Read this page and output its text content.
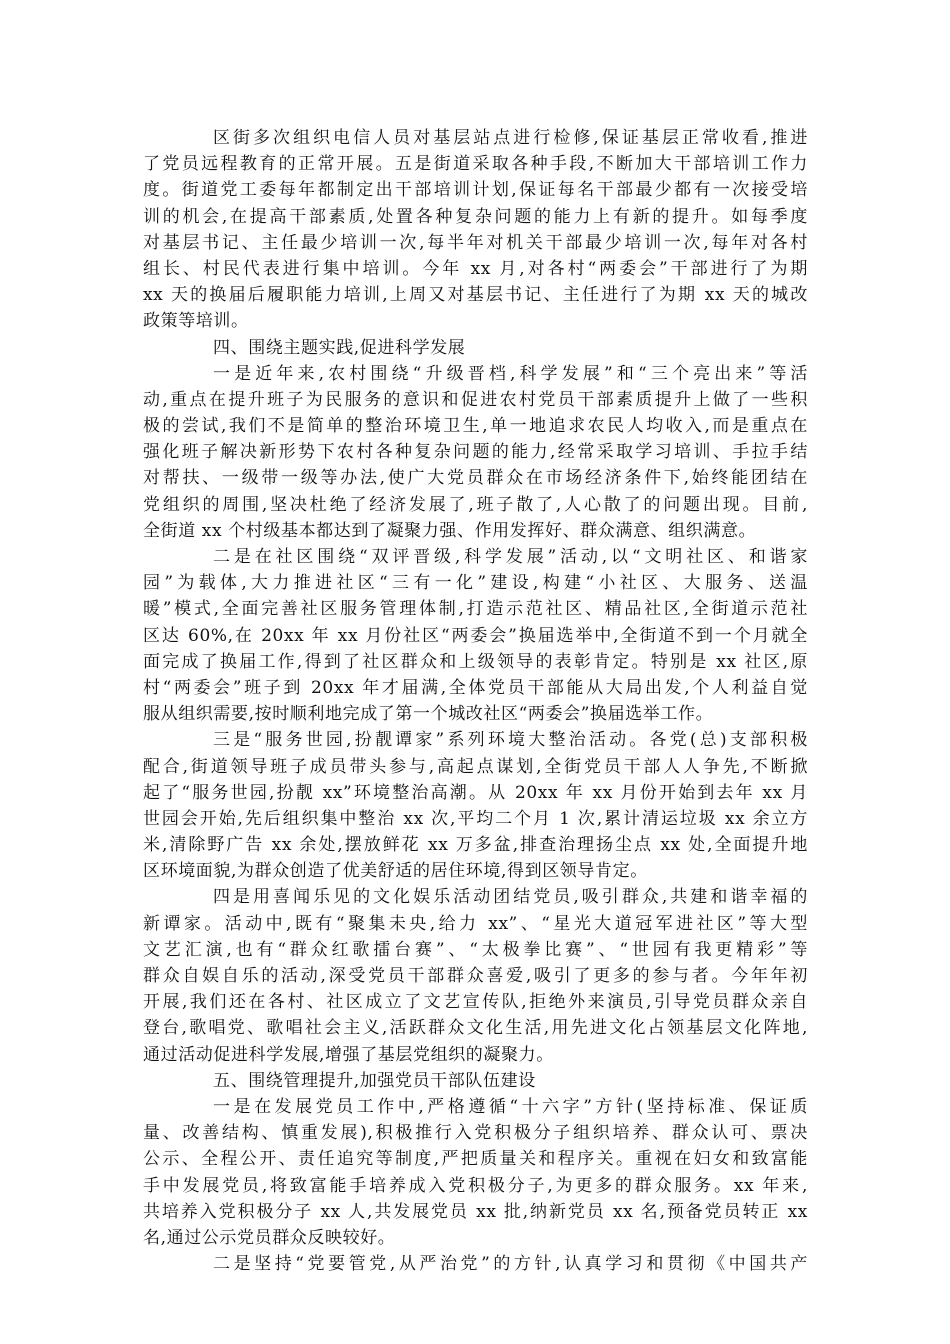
区街多次组织电信人员对基层站点进行检修,保证基层正常收看,推进
了党员远程教育的正常开展。五是街道采取各种手段,不断加大干部培训工作力
度。街道党工委每年都制定出干部培训计划,保证每名干部最少都有一次接受培
训的机会,在提高干部素质,处置各种复杂问题的能力上有新的提升。如每季度
对基层书记、主任最少培训一次,每半年对机关干部最少培训一次,每年对各村
组长、村民代表进行集中培训。今年 xx 月,对各村“两委会”干部进行了为期
xx 天的换届后履职能力培训,上周又对基层书记、主任进行了为期 xx 天的城改
政策等培训。
四、围绕主题实践,促进科学发展
一是近年来,农村围绕“升级晋档,科学发展”和“三个亮出来”等活
动,重点在提升班子为民服务的意识和促进农村党员干部素质提升上做了一些积
极的尝试,我们不是简单的整治环境卫生,单一地追求农民人均收入,而是重点在
强化班子解决新形势下农村各种复杂问题的能力,经常采取学习培训、手拉手结
对帮扶、一级带一级等办法,使广大党员群众在市场经济条件下,始终能团结在
党组织的周围,坚决杜绝了经济发展了,班子散了,人心散了的问题出现。目前,
全街道 xx 个村级基本都达到了凝聚力强、作用发挥好、群众满意、组织满意。
二是在社区围绕“双评晋级,科学发展”活动,以“文明社区、和谐家
园”为载体,大力推进社区“三有一化”建设,构建“小社区、大服务、送温
暖”模式,全面完善社区服务管理体制,打造示范社区、精品社区,全街道示范社
区达 60%,在 20xx 年 xx 月份社区“两委会”换届选举中,全街道不到一个月就全
面完成了换届工作,得到了社区群众和上级领导的表彰肯定。特别是 xx 社区,原
村“两委会”班子到 20xx 年才届满,全体党员干部能从大局出发,个人利益自觉
服从组织需要,按时顺利地完成了第一个城改社区“两委会”换届选举工作。
三是“服务世园,扮靓谭家”系列环境大整治活动。各党(总)支部积极
配合,街道领导班子成员带头参与,高起点谋划,全街党员干部人人争先,不断掀
起了“服务世园,扮靓 xx”环境整治高潮。从 20xx 年 xx 月份开始到去年 xx 月
世园会开始,先后组织集中整治 xx 次,平均二个月 1 次,累计清运垃圾 xx 余立方
米,清除野广告 xx 余处,摆放鲜花 xx 万多盆,排查治理扬尘点 xx 处,全面提升地
区环境面貌,为群众创造了优美舒适的居住环境,得到区领导肯定。
四是用喜闻乐见的文化娱乐活动团结党员,吸引群众,共建和谐幸福的
新谭家。活动中,既有“聚集未央,给力 xx”、“星光大道冠军进社区”等大型
文艺汇演,也有“群众红歌擂台赛”、“太极拳比赛”、“世园有我更精彩”等
群众自娱自乐的活动,深受党员干部群众喜爱,吸引了更多的参与者。今年年初
开展,我们还在各村、社区成立了文艺宣传队,拒绝外来演员,引导党员群众亲自
登台,歌唱党、歌唱社会主义,活跃群众文化生活,用先进文化占领基层文化阵地,
通过活动促进科学发展,增强了基层党组织的凝聚力。
五、围绕管理提升,加强党员干部队伍建设
一是在发展党员工作中,严格遵循“十六字”方针(坚持标准、保证质
量、改善结构、慎重发展),积极推行入党积极分子组织培养、群众认可、票决
公示、全程公开、责任追究等制度,严把质量关和程序关。重视在妇女和致富能
手中发展党员,将致富能手培养成入党积极分子,为更多的群众服务。xx 年来,
共培养入党积极分子 xx 人,共发展党员 xx 批,纳新党员 xx 名,预备党员转正 xx
名,通过公示党员群众反映较好。
二是坚持“党要管党,从严治党”的方针,认真学习和贯彻《中国共产
